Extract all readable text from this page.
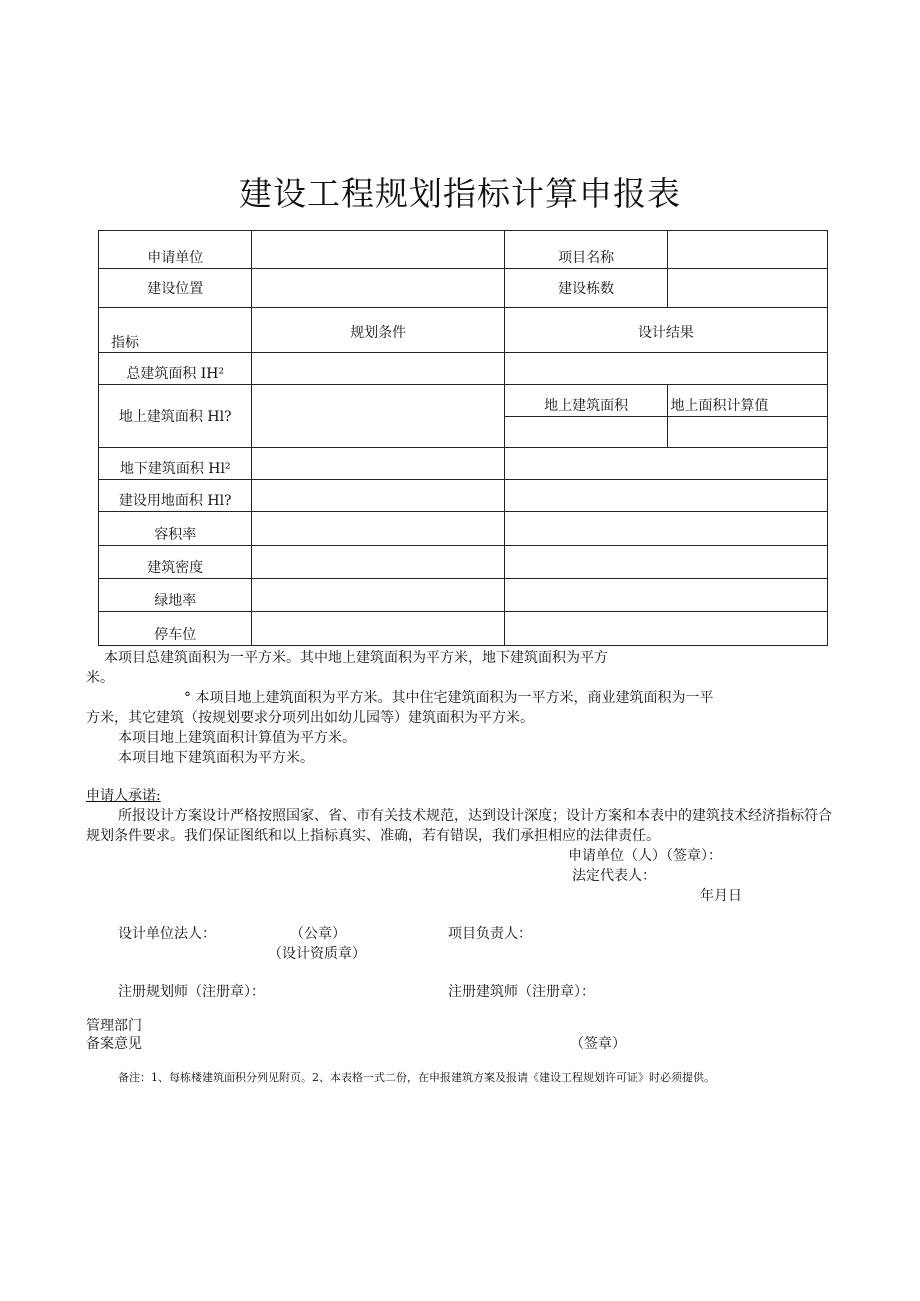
建设工程规划指标计算申报表
申请单位		项目名称	
建设位置		建设栋数	
指标	规划条件	设计结果	
总建筑面积 IH²			
地上建筑面积 Hl?		地上建筑面积	地上面积计算值

地下建筑面积 Hl²			
建设用地面积 Hl?			
容积率			
建筑密度			
绿地率			
停车位			
本项目总建筑面积为一平方米。其中地上建筑面积为平方米，地下建筑面积为平方
米。
° 本项目地上建筑面积为平方米。其中住宅建筑面积为一平方米，商业建筑面积为一平
方米，其它建筑（按规划要求分项列出如幼儿园等）建筑面积为平方米。
本项目地上建筑面积计算值为平方米。
本项目地下建筑面积为平方米。
申请人承诺:
所报设计方案设计严格按照国家、省、市有关技术规范，达到设计深度；设计方案和本表中的建筑技术经济指标符合
规划条件要求。我们保证图纸和以上指标真实、准确，若有错误，我们承担相应的法律责任。
申请单位（人）（签章）：
法定代表人：
年月日
设计单位法人：	（公章）	项目负责人：
（设计资质章）
注册规划师（注册章）：	注册建筑师（注册章）：
管理部门
备案意见	（签章）
备注：1、每栋楼建筑面积分列见附页。2、本表格一式二份，在申报建筑方案及报请《建设工程规划许可证》时必须提供。
